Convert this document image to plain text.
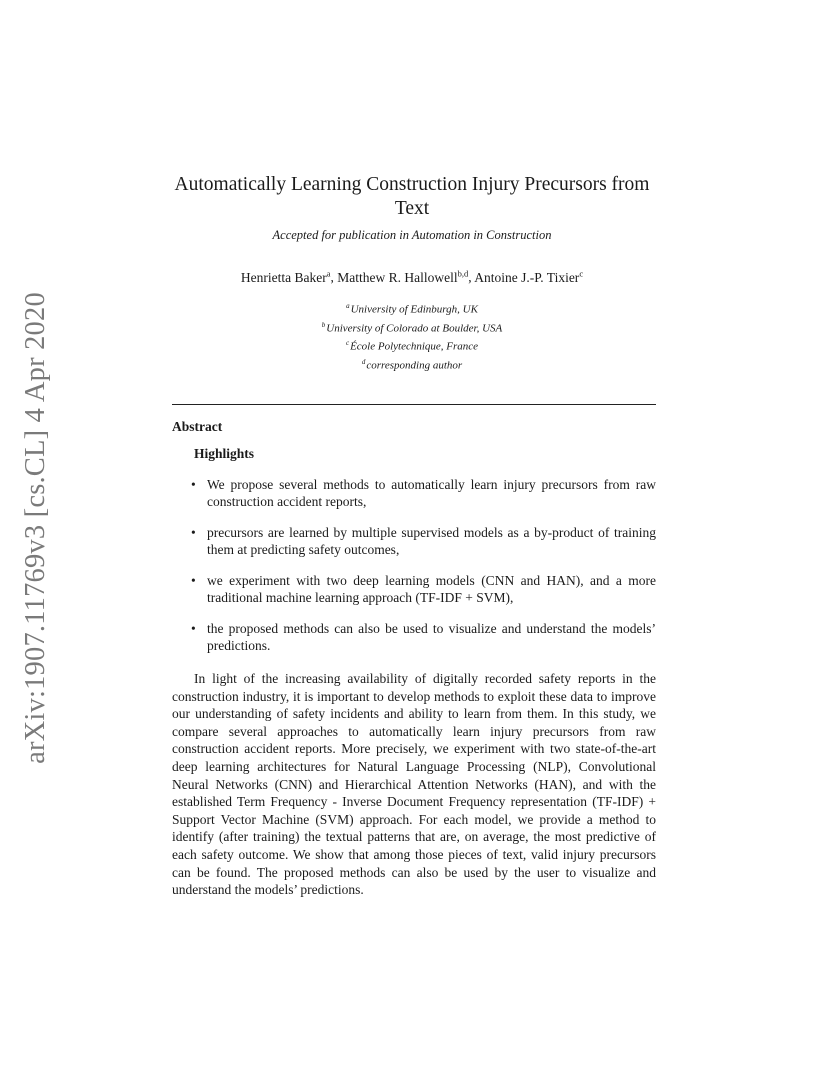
arXiv:1907.11769v3 [cs.CL] 4 Apr 2020
Automatically Learning Construction Injury Precursors from
Text
Accepted for publication in Automation in Construction
Henrietta Baker$^a$, Matthew R. Hallowell$^{b,d}$, Antoine J.-P. Tixier$^c$
$^a$University of Edinburgh, UK
$^b$University of Colorado at Boulder, USA
$^c$École Polytechnique, France
$^d$corresponding author
Abstract
Highlights
• We propose several methods to automatically learn injury precursors from raw construction accident reports,
• precursors are learned by multiple supervised models as a by-product of training them at predicting safety outcomes,
• we experiment with two deep learning models (CNN and HAN), and a more traditional machine learning approach (TF-IDF + SVM),
• the proposed methods can also be used to visualize and understand the models’ predictions.

In light of the increasing availability of digitally recorded safety reports in the construction industry, it is important to develop methods to exploit these data to improve our understanding of safety incidents and ability to learn from them. In this study, we compare several approaches to automatically learn injury precursors from raw construction accident reports. More precisely, we experiment with two state-of-the-art deep learning architectures for Natural Language Processing (NLP), Convolutional Neural Networks (CNN) and Hierarchical Attention Networks (HAN), and with the established Term Frequency - Inverse Document Frequency representation (TF-IDF) + Support Vector Machine (SVM) approach. For each model, we provide a method to identify (after training) the textual patterns that are, on average, the most predictive of each safety outcome. We show that among those pieces of text, valid injury precursors can be found. The proposed methods can also be used by the user to visualize and understand the models’ predictions.
